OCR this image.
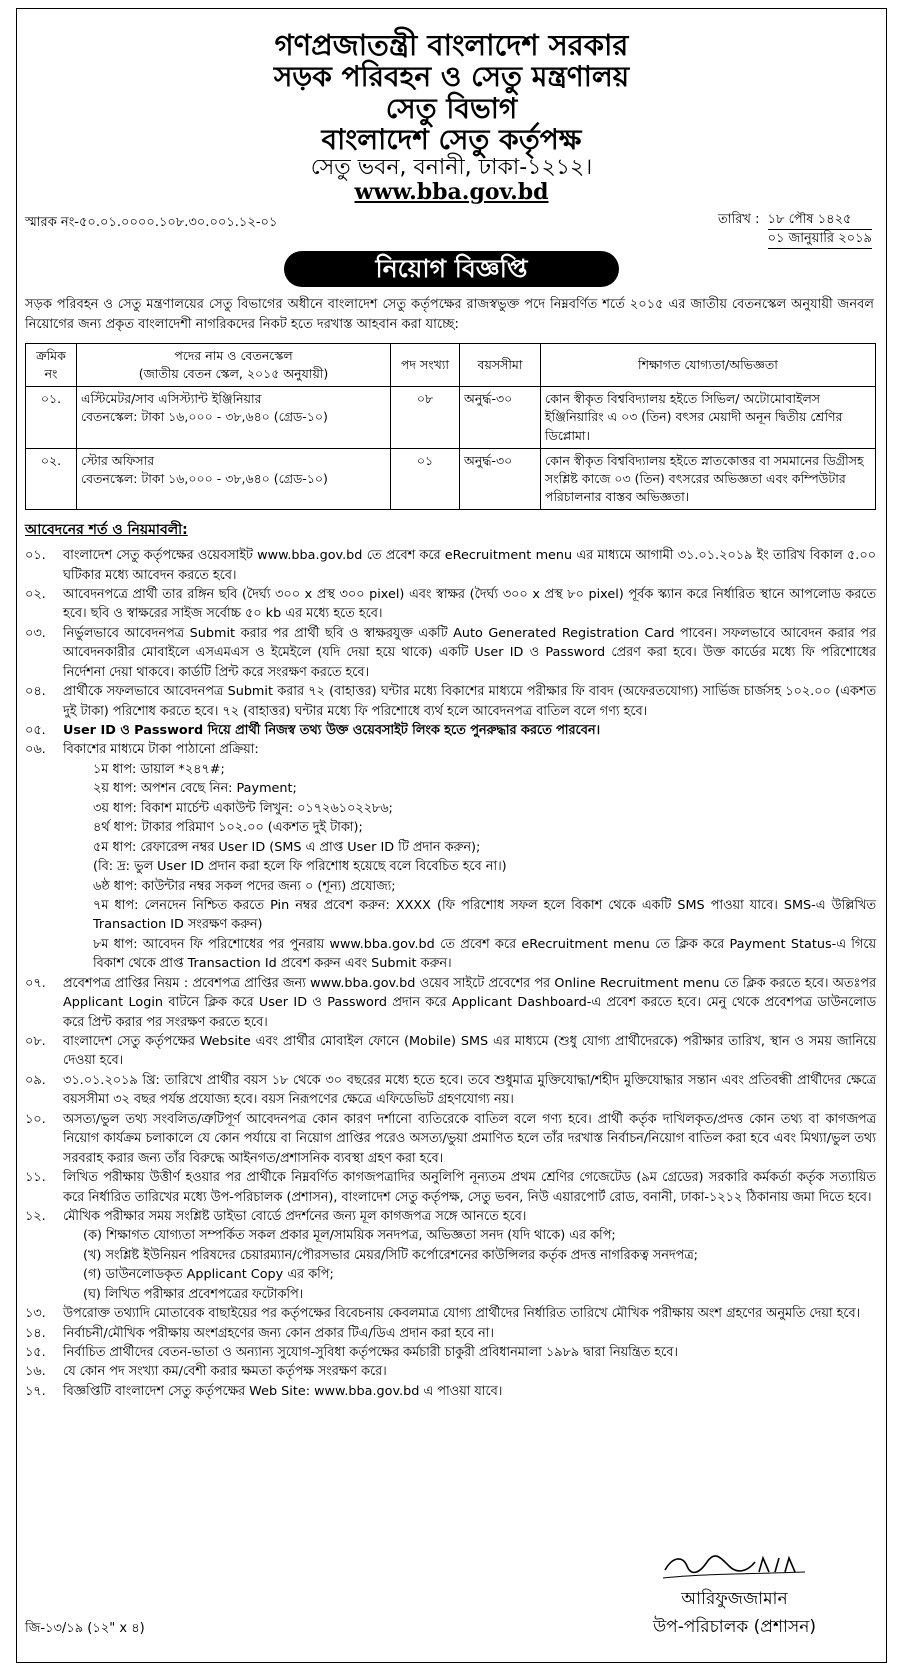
গণপ্রজাতন্ত্রী বাংলাদেশ সরকার
সড়ক পরিবহন ও সেতু মন্ত্রণালয়
সেতু বিভাগ
বাংলাদেশ সেতু কর্তৃপক্ষ
সেতু ভবন, বনানী, ঢাকা-১২১২।
www.bba.gov.bd
স্মারক নং-৫০.০১.০০০০.১০৮.৩০.০০১.১২-০১	তারিখ : ১৮ পৌষ ১৪২৫
০১ জানুয়ারি ২০১৯
নিয়োগ বিজ্ঞপ্তি
সড়ক পরিবহন ও সেতু মন্ত্রণালয়ের সেতু বিভাগের অধীনে বাংলাদেশ সেতু কর্তৃপক্ষের রাজস্বভুক্ত পদে নিম্নবর্ণিত শর্তে ২০১৫ এর জাতীয় বেতনস্কেল অনুযায়ী জনবল নিয়োগের জন্য প্রকৃত বাংলাদেশী নাগরিকদের নিকট হতে দরখাস্ত আহবান করা যাচ্ছে:
ক্রমিক নং	পদের নাম ও বেতনস্কেল
(জাতীয় বেতন স্কেল, ২০১৫ অনুযায়ী)	পদ সংখ্যা	বয়সসীমা	শিক্ষাগত যোগ্যতা/অভিজ্ঞতা
০১.	এস্টিমেটর/সাব এসিস্ট্যান্ট ইঞ্জিনিয়ার
বেতনস্কেল: টাকা ১৬,০০০ - ৩৮,৬৪০ (গ্রেড-১০)	০৮	অনুর্দ্ধ-৩০	কোন স্বীকৃত বিশ্ববিদ্যালয় হইতে সিভিল/ অটোমোবাইলস ইঞ্জিনিয়ারিং এ ০৩ (তিন) বৎসর মেয়াদী অনূন দ্বিতীয় শ্রেণির ডিপ্লোমা।
০২.	স্টোর অফিসার
বেতনস্কেল: টাকা ১৬,০০০ - ৩৮,৬৪০ (গ্রেড-১০)	০১	অনুর্দ্ধ-৩০	কোন স্বীকৃত বিশ্ববিদ্যালয় হইতে স্নাতকোত্তর বা সমমানের ডিগ্রীসহ সংশ্লিষ্ট কাজে ০৩ (তিন) বৎসরের অভিজ্ঞতা এবং কম্পিউটার পরিচালনার বাস্তব অভিজ্ঞতা।
আবেদনের শর্ত ও নিয়মাবলী:
০১.	বাংলাদেশ সেতু কর্তৃপক্ষের ওয়েবসাইট www.bba.gov.bd তে প্রবেশ করে eRecruitment menu এর মাধ্যমে আগামী ৩১.০১.২০১৯ ইং তারিখ বিকাল ৫.০০ ঘটিকার মধ্যে আবেদন করতে হবে।
০২.	আবেদনপত্রে প্রার্থী তার রঙ্গিন ছবি (দৈর্ঘ্য ৩০০ x প্রস্থ ৩০০ pixel) এবং স্বাক্ষর (দৈর্ঘ্য ৩০০ x প্রস্থ ৮০ pixel) পূর্বক স্ক্যান করে নির্ধারিত স্থানে আপলোড করতে হবে। ছবি ও স্বাক্ষরের সাইজ সর্বোচ্চ ৫০ kb এর মধ্যে হতে হবে।
০৩.	নির্ভুলভাবে আবেদনপত্র Submit করার পর প্রার্থী ছবি ও স্বাক্ষরযুক্ত একটি Auto Generated Registration Card পাবেন। সফলভাবে আবেদন করার পর আবেদনকারীর মোবাইলে এসএমএস ও ইমেইলে (যদি দেয়া হয়ে থাকে) একটি User ID ও Password প্রেরণ করা হবে। উক্ত কার্ডের মধ্যে ফি পরিশোধের নির্দেশনা দেয়া থাকবে। কার্ডটি প্রিন্ট করে সংরক্ষণ করতে হবে।
০৪.	প্রার্থীকে সফলভাবে আবেদনপত্র Submit করার ৭২ (বাহাত্তর) ঘন্টার মধ্যে বিকাশের মাধ্যমে পরীক্ষার ফি বাবদ (অফেরতযোগ্য) সার্ভিজ চার্জসহ ১০২.০০ (একশত দুই টাকা) পরিশোধ করতে হবে। ৭২ (বাহাত্তর) ঘন্টার মধ্যে ফি পরিশোধে ব্যর্থ হলে আবেদনপত্র বাতিল বলে গণ্য হবে।
০৫.	User ID ও Password দিয়ে প্রার্থী নিজস্ব তথ্য উক্ত ওয়েবসাইট লিংক হতে পুনরুদ্ধার করতে পারবেন।
০৬.	বিকাশের মাধ্যমে টাকা পাঠানো প্রক্রিয়া:
১ম ধাপ: ডায়াল *২৪৭#;
২য় ধাপ: অপশন বেছে নিন: Payment;
৩য় ধাপ: বিকাশ মার্চেন্ট একাউন্ট লিখুন: ০১৭২৬১০২২৮৬;
৪র্থ ধাপ: টাকার পরিমাণ ১০২.০০ (একশত দুই টাকা);
৫ম ধাপ: রেফারেন্স নম্বর User ID (SMS এ প্রাপ্ত User ID টি প্রদান করুন);
(বি: দ্র: ভুল User ID প্রদান করা হলে ফি পরিশোধ হয়েছে বলে বিবেচিত হবে না।)
৬ষ্ঠ ধাপ: কাউন্টার নম্বর সকল পদের জন্য ০ (শূন্য) প্রযোজ্য;
৭ম ধাপ: লেনদেন নিশ্চিত করতে Pin নম্বর প্রবেশ করুন: XXXX (ফি পরিশোধ সফল হলে বিকাশ থেকে একটি SMS পাওয়া যাবে। SMS-এ উল্লিখিত Transaction ID সংরক্ষণ করুন)
৮ম ধাপ: আবেদন ফি পরিশোধের পর পুনরায় www.bba.gov.bd তে প্রবেশ করে eRecruitment menu তে ক্লিক করে Payment Status-এ গিয়ে বিকাশ থেকে প্রাপ্ত Transaction Id প্রবেশ করুন এবং Submit করুন।
০৭.	প্রবেশপত্র প্রাপ্তির নিয়ম : প্রবেশপত্র প্রাপ্তির জন্য www.bba.gov.bd ওয়েব সাইটে প্রবেশের পর Online Recruitment menu তে ক্লিক করতে হবে। অতঃপর Applicant Login বাটনে ক্লিক করে User ID ও Password প্রদান করে Applicant Dashboard-এ প্রবেশ করতে হবে। মেনু থেকে প্রবেশপত্র ডাউনলোড করে প্রিন্ট করার পর সংরক্ষণ করতে হবে।
০৮.	বাংলাদেশ সেতু কর্তৃপক্ষের Website এবং প্রার্থীর মোবাইল ফোনে (Mobile) SMS এর মাধ্যমে (শুধু যোগ্য প্রার্থীদেরকে) পরীক্ষার তারিখ, স্থান ও সময় জানিয়ে দেওয়া হবে।
০৯.	৩১.০১.২০১৯ খ্রি: তারিখে প্রার্থীর বয়স ১৮ থেকে ৩০ বছরের মধ্যে হতে হবে। তবে শুধুমাত্র মুক্তিযোদ্ধা/শহীদ মুক্তিযোদ্ধার সন্তান এবং প্রতিবন্ধী প্রার্থীদের ক্ষেত্রে বয়সসীমা ৩২ বছর পর্যন্ত প্রযোজ্য হবে। বয়স নিরূপণের ক্ষেত্রে এফিডেভিট গ্রহণযোগ্য নয়।
১০.	অসত্য/ভুল তথ্য সংবলিত/ত্রুটিপূর্ণ আবেদনপত্র কোন কারণ দর্শানো ব্যতিরেকে বাতিল বলে গণ্য হবে। প্রার্থী কর্তৃক দাখিলকৃত/প্রদত্ত কোন তথ্য বা কাগজপত্র নিয়োগ কার্যক্রম চলাকালে যে কোন পর্যায়ে বা নিয়োগ প্রাপ্তির পরেও অসত্য/ভুয়া প্রমাণিত হলে তাঁর দরখাস্ত নির্বাচন/নিয়োগ বাতিল করা হবে এবং মিথ্যা/ভুল তথ্য সরবরাহ করার জন্য তাঁর বিরুদ্ধে আইনগত/প্রশাসনিক ব্যবস্থা গ্রহণ করা হবে।
১১.	লিখিত পরীক্ষায় উত্তীর্ণ হওয়ার পর প্রার্থীকে নিম্নবর্ণিত কাগজপত্রাদির অনুলিপি নূন্যতম প্রথম শ্রেণির গেজেটেড (৯ম গ্রেডের) সরকারি কর্মকর্তা কর্তৃক সত্যায়িত করে নির্ধারিত তারিখের মধ্যে উপ-পরিচালক (প্রশাসন), বাংলাদেশ সেতু কর্তৃপক্ষ, সেতু ভবন, নিউ এয়ারপোর্ট রোড, বনানী, ঢাকা-১২১২ ঠিকানায় জমা দিতে হবে।
১২.	মৌখিক পরীক্ষার সময় সংশ্লিষ্ট ডাইভা বোর্ডে প্রদর্শনের জন্য মূল কাগজপত্র সঙ্গে আনতে হবে।
(ক) শিক্ষাগত যোগ্যতা সম্পর্কিত সকল প্রকার মূল/সাময়িক সনদপত্র, অভিজ্ঞতা সনদ (যদি থাকে) এর কপি;
(খ) সংশ্লিষ্ট ইউনিয়ন পরিষদের চেয়ারম্যান/পৌরসভার মেয়র/সিটি কর্পোরেশনের কাউন্সিলর কর্তৃক প্রদত্ত নাগরিকত্ব সনদপত্র;
(গ) ডাউনলোডকৃত Applicant Copy এর কপি;
(ঘ) লিখিত পরীক্ষার প্রবেশপত্রের ফটোকপি।
১৩.	উপরোক্ত তথ্যাদি মোতাবেক বাছাইয়ের পর কর্তৃপক্ষের বিবেচনায় কেবলমাত্র যোগ্য প্রার্থীদের নির্ধারিত তারিখে মৌখিক পরীক্ষায় অংশ গ্রহণের অনুমতি দেয়া হবে।
১৪.	নির্বাচনী/মৌখিক পরীক্ষায় অংশগ্রহণের জন্য কোন প্রকার টিএ/ডিএ প্রদান করা হবে না।
১৫.	নির্বাচিত প্রার্থীদের বেতন-ভাতা ও অন্যান্য সুযোগ-সুবিধা কর্তৃপক্ষের কর্মচারী চাকুরী প্রবিধানমালা ১৯৮৯ দ্বারা নিয়ন্ত্রিত হবে।
১৬.	যে কোন পদ সংখ্যা কম/বেশী করার ক্ষমতা কর্তৃপক্ষ সংরক্ষণ করে।
১৭.	বিজ্ঞপ্তিটি বাংলাদেশ সেতু কর্তৃপক্ষের Web Site: www.bba.gov.bd এ পাওয়া যাবে।
আরিফুজজামান
উপ-পরিচালক (প্রশাসন)
জি-১৩/১৯ (১২" x ৪)
